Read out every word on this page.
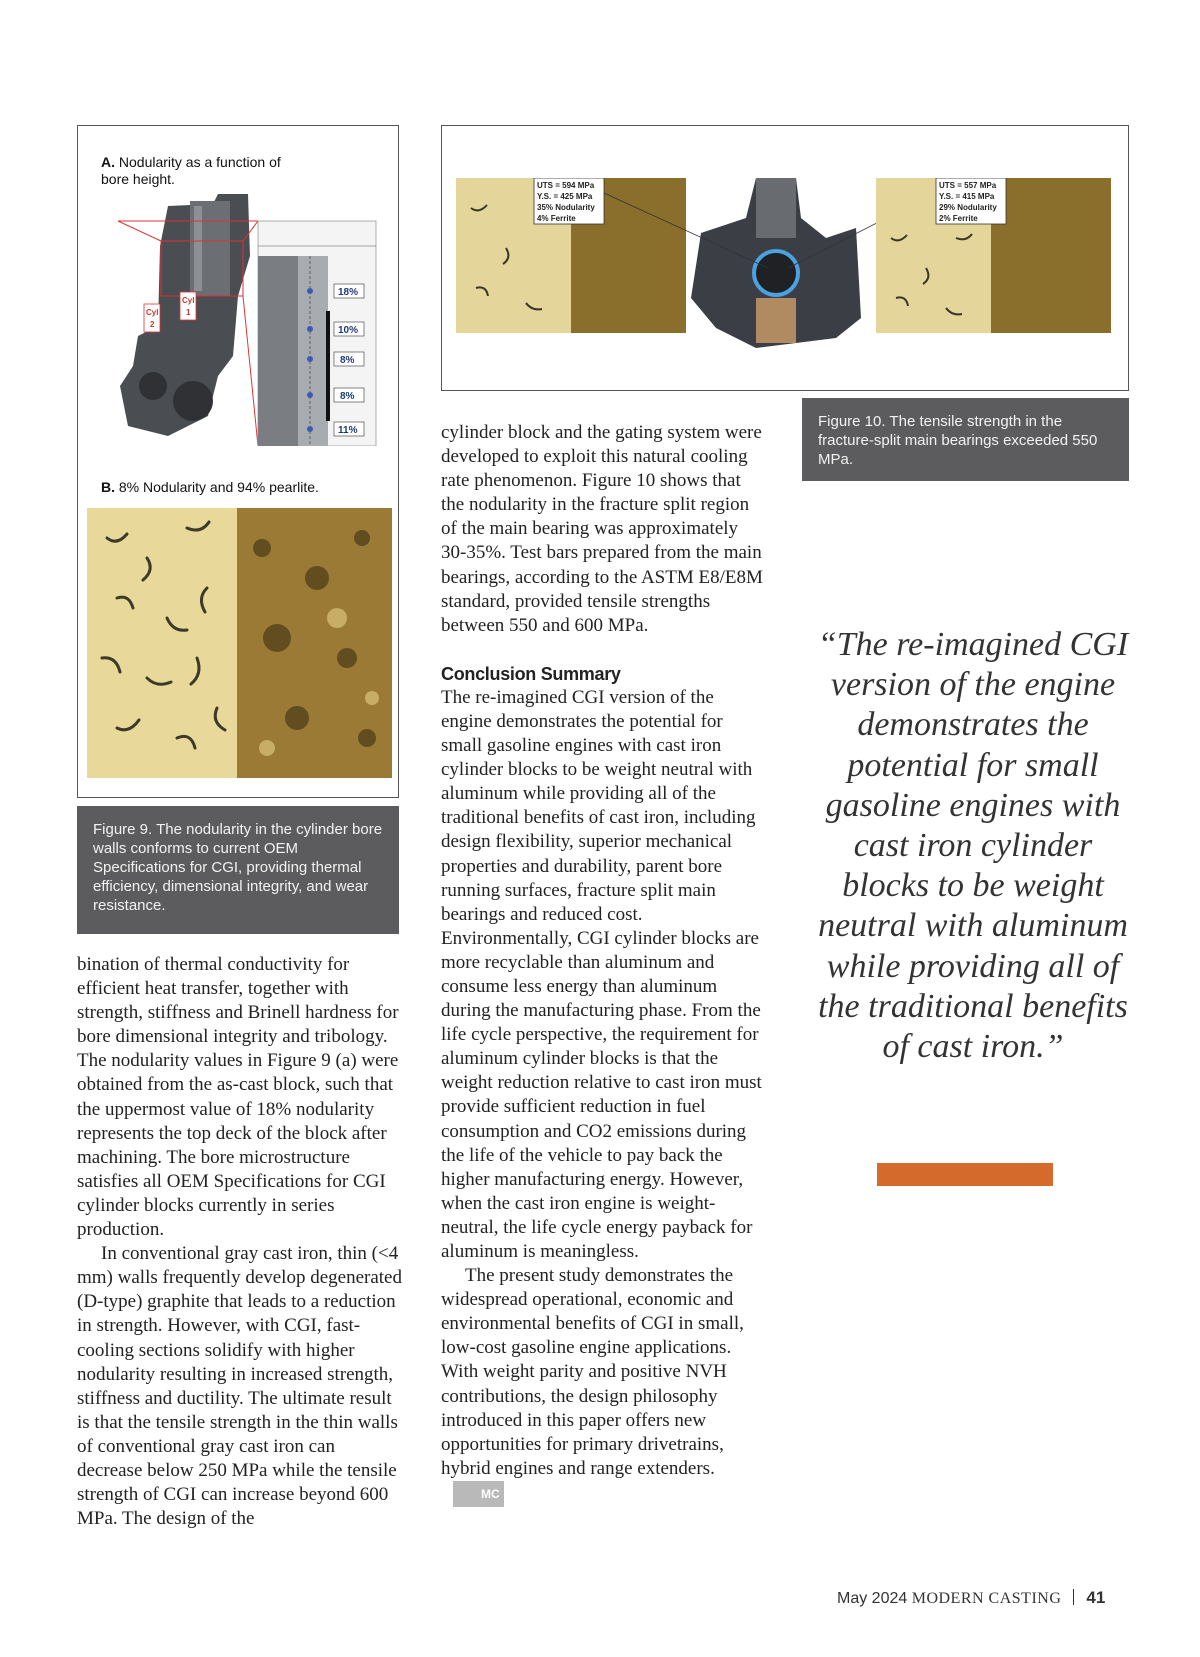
A. Nodularity as a function of bore height.
Cyl
2
Cyl
1
18%
10%
8%
8%
11%
B. 8% Nodularity and 94% pearlite.
Figure 9. The nodularity in the cylinder bore walls conforms to current OEM Specifications for CGI, providing thermal efficiency, dimensional integrity, and wear resistance.
UTS = 594 MPa
Y.S. = 425 MPa
35% Nodularity
4% Ferrite
UTS = 557 MPa
Y.S. = 415 MPa
29% Nodularity
2% Ferrite
Figure 10. The tensile strength in the fracture-split main bearings exceeded 550 MPa.

bination of thermal conductivity for efficient heat transfer, together with strength, stiffness and Brinell hardness for bore dimensional integrity and tribology. The nodularity values in Figure 9 (a) were obtained from the as-cast block, such that the uppermost value of 18% nodularity represents the top deck of the block after machining. The bore microstructure satisfies all OEM Specifications for CGI cylinder blocks currently in series production.

In conventional gray cast iron, thin (<4 mm) walls frequently develop degenerated (D-type) graphite that leads to a reduction in strength. However, with CGI, fast-cooling sections solidify with higher nodularity resulting in increased strength, stiffness and ductility. The ultimate result is that the tensile strength in the thin walls of conventional gray cast iron can decrease below 250 MPa while the tensile strength of CGI can increase beyond 600 MPa. The design of the

cylinder block and the gating system were developed to exploit this natural cooling rate phenomenon. Figure 10 shows that the nodularity in the fracture split region of the main bearing was approximately 30-35%. Test bars prepared from the main bearings, according to the ASTM E8/E8M standard, provided tensile strengths between 550 and 600 MPa.

Conclusion Summary

The re-imagined CGI version of the engine demonstrates the potential for small gasoline engines with cast iron cylinder blocks to be weight neutral with aluminum while providing all of the traditional benefits of cast iron, including design flexibility, superior mechanical properties and durability, parent bore running surfaces, fracture split main bearings and reduced cost. Environmentally, CGI cylinder blocks are more recyclable than aluminum and consume less energy than aluminum during the manufacturing phase. From the life cycle perspective, the requirement for aluminum cylinder blocks is that the weight reduction relative to cast iron must provide sufficient reduction in fuel consumption and CO2 emissions during the life of the vehicle to pay back the higher manufacturing energy. However, when the cast iron engine is weight-neutral, the life cycle energy payback for aluminum is meaningless.

The present study demonstrates the widespread operational, economic and environmental benefits of CGI in small, low-cost gasoline engine applications. With weight parity and positive NVH contributions, the design philosophy introduced in this paper offers new opportunities for primary drivetrains, hybrid engines and range extenders.MC

“The re-imagined CGI version of the engine demonstrates the potential for small gasoline engines with cast iron cylinder blocks to be weight neutral with aluminum while providing all of the traditional benefits of cast iron.”
May 2024 MODERN CASTING 41
